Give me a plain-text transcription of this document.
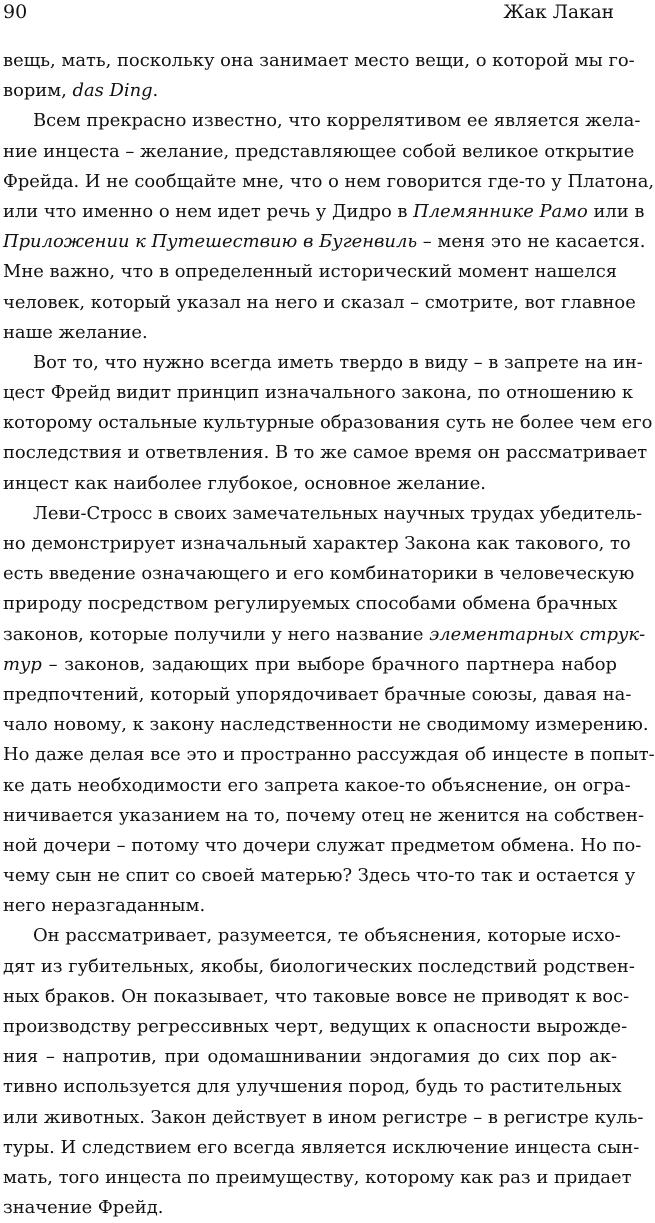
90	Жак Лакан
вещь, мать, поскольку она занимает место вещи, о которой мы го-
ворим, das Ding.
Всем прекрасно известно, что коррелятивом ее является жела-
ние инцеста – желание, представляющее собой великое открытие
Фрейда. И не сообщайте мне, что о нем говорится где-то у Платона,
или что именно о нем идет речь у Дидро в Племяннике Рамо или в
Приложении к Путешествию в Бугенвиль – меня это не касается.
Мне важно, что в определенный исторический момент нашелся
человек, который указал на него и сказал – смотрите, вот главное
наше желание.
Вот то, что нужно всегда иметь твердо в виду – в запрете на ин-
цест Фрейд видит принцип изначального закона, по отношению к
которому остальные культурные образования суть не более чем его
последствия и ответвления. В то же самое время он рассматривает
инцест как наиболее глубокое, основное желание.
Леви-Стросс в своих замечательных научных трудах убедитель-
но демонстрирует изначальный характер Закона как такового, то
есть введение означающего и его комбинаторики в человеческую
природу посредством регулируемых способами обмена брачных
законов, которые получили у него название элементарных струк-
тур – законов, задающих при выборе брачного партнера набор
предпочтений, который упорядочивает брачные союзы, давая на-
чало новому, к закону наследственности не сводимому измерению.
Но даже делая все это и пространно рассуждая об инцесте в попыт-
ке дать необходимости его запрета какое-то объяснение, он огра-
ничивается указанием на то, почему отец не женится на собствен-
ной дочери – потому что дочери служат предметом обмена. Но по-
чему сын не спит со своей матерью? Здесь что-то так и остается у
него неразгаданным.
Он рассматривает, разумеется, те объяснения, которые исхо-
дят из губительных, якобы, биологических последствий родствен-
ных браков. Он показывает, что таковые вовсе не приводят к вос-
производству регрессивных черт, ведущих к опасности вырожде-
ния – напротив, при одомашнивании эндогамия до сих пор ак-
тивно используется для улучшения пород, будь то растительных
или животных. Закон действует в ином регистре – в регистре куль-
туры. И следствием его всегда является исключение инцеста сын-
мать, того инцеста по преимуществу, которому как раз и придает
значение Фрейд.
